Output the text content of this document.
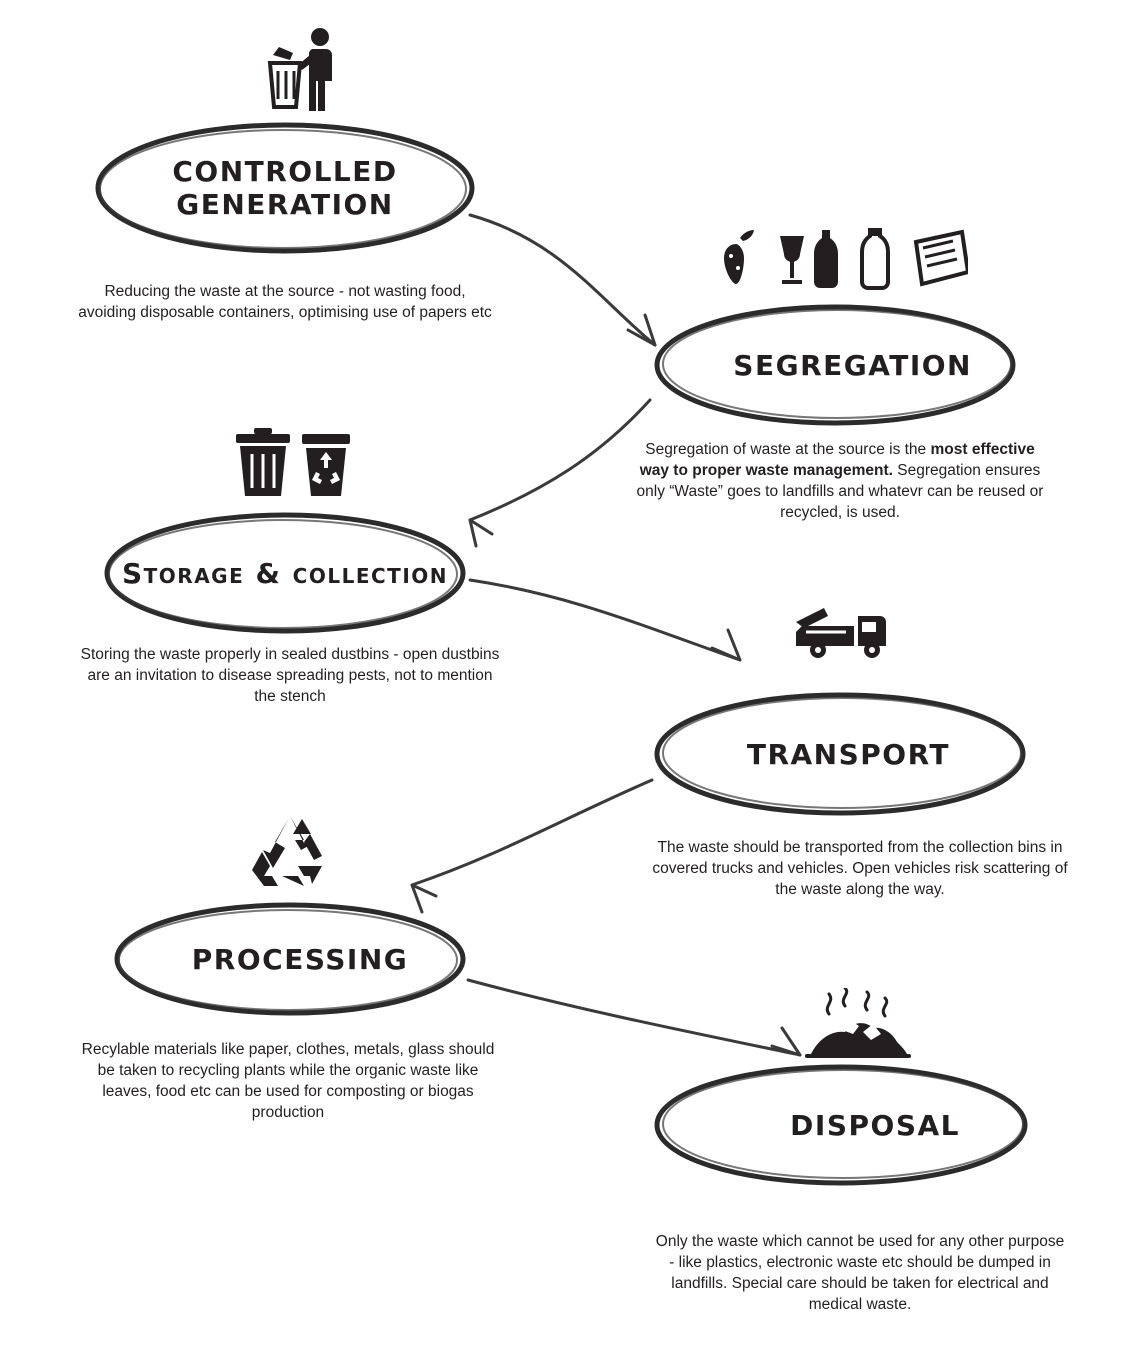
CONTROLLED GENERATION
Reducing the waste at the source - not wasting food, avoiding disposable containers, optimising use of papers etc
SEGREGATION
Segregation of waste at the source is the most effective way to proper waste management. Segregation ensures only “Waste” goes to landfills and whatevr can be reused or recycled, is used.
Storage & collection
Storing the waste properly in sealed dustbins - open dustbins are an invitation to disease spreading pests, not to mention the stench
TRANSPORT
The waste should be transported from the collection bins in covered trucks and vehicles. Open vehicles risk scattering of the waste along the way.
PROCESSING
Recylable materials like paper, clothes, metals, glass should be taken to recycling plants while the organic waste like leaves, food etc can be used for composting or biogas production	DISPOSAL
Only the waste which cannot be used for any other purpose - like plastics, electronic waste etc should be dumped in landfills. Special care should be taken for electrical and medical waste.
